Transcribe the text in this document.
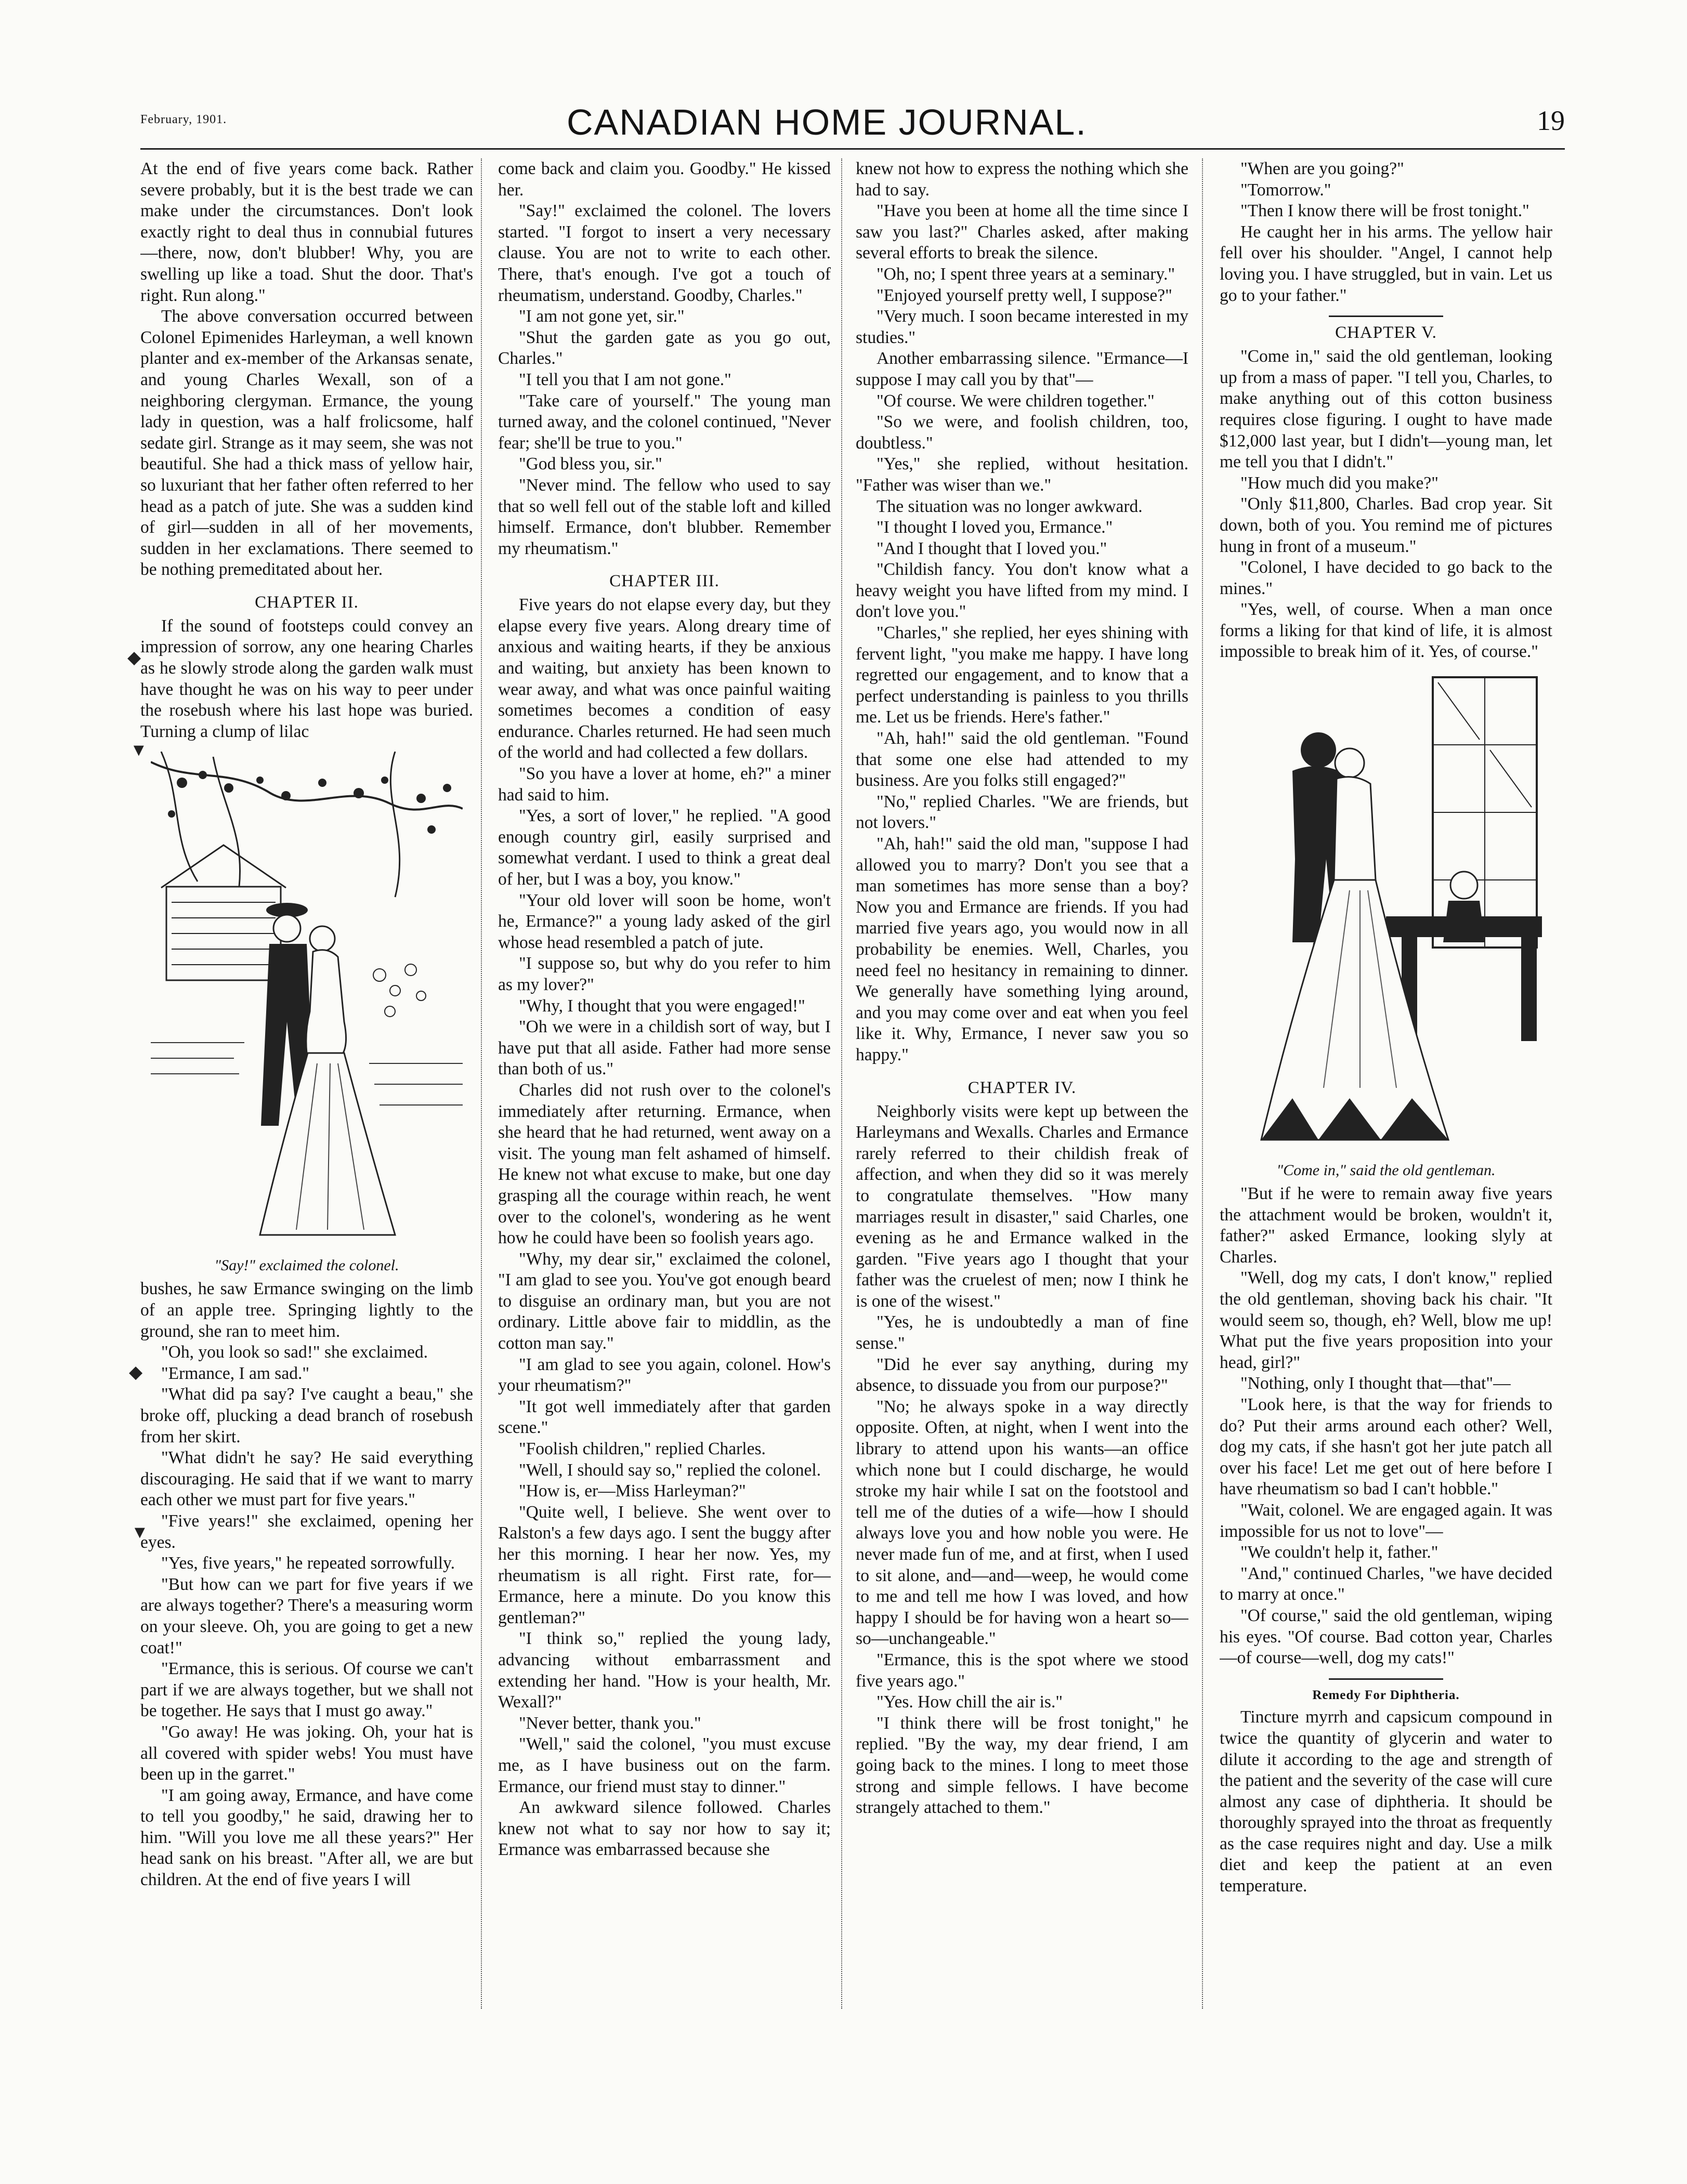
February, 1901.	CANADIAN HOME JOURNAL.	19
◆
▼
◆
▼

At the end of five years come back. Rather severe probably, but it is the best trade we can make under the circumstances. Don't look exactly right to deal thus in connubial futures—there, now, don't blubber! Why, you are swelling up like a toad. Shut the door. That's right. Run along."

The above conversation occurred between Colonel Epimenides Harleyman, a well known planter and ex-member of the Arkansas senate, and young Charles Wexall, son of a neighboring clergyman. Ermance, the young lady in question, was a half frolicsome, half sedate girl. Strange as it may seem, she was not beautiful. She had a thick mass of yellow hair, so luxuriant that her father often referred to her head as a patch of jute. She was a sudden kind of girl—sudden in all of her movements, sudden in her exclamations. There seemed to be nothing premeditated about her.

CHAPTER II.

If the sound of footsteps could convey an impression of sorrow, any one hearing Charles as he slowly strode along the garden walk must have thought he was on his way to peer under the rosebush where his last hope was buried. Turning a clump of lilac

"Say!" exclaimed the colonel.

bushes, he saw Ermance swinging on the limb of an apple tree. Springing lightly to the ground, she ran to meet him.

"Oh, you look so sad!" she exclaimed.

"Ermance, I am sad."

"What did pa say? I've caught a beau," she broke off, plucking a dead branch of rosebush from her skirt.

"What didn't he say? He said everything discouraging. He said that if we want to marry each other we must part for five years."

"Five years!" she exclaimed, opening her eyes.

"Yes, five years," he repeated sorrowfully.

"But how can we part for five years if we are always together? There's a measuring worm on your sleeve. Oh, you are going to get a new coat!"

"Ermance, this is serious. Of course we can't part if we are always together, but we shall not be together. He says that I must go away."

"Go away! He was joking. Oh, your hat is all covered with spider webs! You must have been up in the garret."

"I am going away, Ermance, and have come to tell you goodby," he said, drawing her to him. "Will you love me all these years?" Her head sank on his breast. "After all, we are but children. At the end of five years I will

come back and claim you. Goodby." He kissed her.

"Say!" exclaimed the colonel. The lovers started. "I forgot to insert a very necessary clause. You are not to write to each other. There, that's enough. I've got a touch of rheumatism, understand. Goodby, Charles."

"I am not gone yet, sir."

"Shut the garden gate as you go out, Charles."

"I tell you that I am not gone."

"Take care of yourself." The young man turned away, and the colonel continued, "Never fear; she'll be true to you."

"God bless you, sir."

"Never mind. The fellow who used to say that so well fell out of the stable loft and killed himself. Ermance, don't blubber. Remember my rheumatism."

CHAPTER III.

Five years do not elapse every day, but they elapse every five years. Along dreary time of anxious and waiting hearts, if they be anxious and waiting, but anxiety has been known to wear away, and what was once painful waiting sometimes becomes a condition of easy endurance. Charles returned. He had seen much of the world and had collected a few dollars.

"So you have a lover at home, eh?" a miner had said to him.

"Yes, a sort of lover," he replied. "A good enough country girl, easily surprised and somewhat verdant. I used to think a great deal of her, but I was a boy, you know."

"Your old lover will soon be home, won't he, Ermance?" a young lady asked of the girl whose head resembled a patch of jute.

"I suppose so, but why do you refer to him as my lover?"

"Why, I thought that you were engaged!"

"Oh we were in a childish sort of way, but I have put that all aside. Father had more sense than both of us."

Charles did not rush over to the colonel's immediately after returning. Ermance, when she heard that he had returned, went away on a visit. The young man felt ashamed of himself. He knew not what excuse to make, but one day grasping all the courage within reach, he went over to the colonel's, wondering as he went how he could have been so foolish years ago.

"Why, my dear sir," exclaimed the colonel, "I am glad to see you. You've got enough beard to disguise an ordinary man, but you are not ordinary. Little above fair to middlin, as the cotton man say."

"I am glad to see you again, colonel. How's your rheumatism?"

"It got well immediately after that garden scene."

"Foolish children," replied Charles.

"Well, I should say so," replied the colonel.

"How is, er—Miss Harleyman?"

"Quite well, I believe. She went over to Ralston's a few days ago. I sent the buggy after her this morning. I hear her now. Yes, my rheumatism is all right. First rate, for—Ermance, here a minute. Do you know this gentleman?"

"I think so," replied the young lady, advancing without embarrassment and extending her hand. "How is your health, Mr. Wexall?"

"Never better, thank you."

"Well," said the colonel, "you must excuse me, as I have business out on the farm. Ermance, our friend must stay to dinner."

An awkward silence followed. Charles knew not what to say nor how to say it; Ermance was embarrassed because she

knew not how to express the nothing which she had to say.

"Have you been at home all the time since I saw you last?" Charles asked, after making several efforts to break the silence.

"Oh, no; I spent three years at a seminary."

"Enjoyed yourself pretty well, I suppose?"

"Very much. I soon became interested in my studies."

Another embarrassing silence. "Ermance—I suppose I may call you by that"—

"Of course. We were children together."

"So we were, and foolish children, too, doubtless."

"Yes," she replied, without hesitation. "Father was wiser than we."

The situation was no longer awkward.

"I thought I loved you, Ermance."

"And I thought that I loved you."

"Childish fancy. You don't know what a heavy weight you have lifted from my mind. I don't love you."

"Charles," she replied, her eyes shining with fervent light, "you make me happy. I have long regretted our engagement, and to know that a perfect understanding is painless to you thrills me. Let us be friends. Here's father."

"Ah, hah!" said the old gentleman. "Found that some one else had attended to my business. Are you folks still engaged?"

"No," replied Charles. "We are friends, but not lovers."

"Ah, hah!" said the old man, "suppose I had allowed you to marry? Don't you see that a man sometimes has more sense than a boy? Now you and Ermance are friends. If you had married five years ago, you would now in all probability be enemies. Well, Charles, you need feel no hesitancy in remaining to dinner. We generally have something lying around, and you may come over and eat when you feel like it. Why, Ermance, I never saw you so happy."

CHAPTER IV.

Neighborly visits were kept up between the Harleymans and Wexalls. Charles and Ermance rarely referred to their childish freak of affection, and when they did so it was merely to congratulate themselves. "How many marriages result in disaster," said Charles, one evening as he and Ermance walked in the garden. "Five years ago I thought that your father was the cruelest of men; now I think he is one of the wisest."

"Yes, he is undoubtedly a man of fine sense."

"Did he ever say anything, during my absence, to dissuade you from our purpose?"

"No; he always spoke in a way directly opposite. Often, at night, when I went into the library to attend upon his wants—an office which none but I could discharge, he would stroke my hair while I sat on the footstool and tell me of the duties of a wife—how I should always love you and how noble you were. He never made fun of me, and at first, when I used to sit alone, and—and—weep, he would come to me and tell me how I was loved, and how happy I should be for having won a heart so—so—unchangeable."

"Ermance, this is the spot where we stood five years ago."

"Yes. How chill the air is."

"I think there will be frost tonight," he replied. "By the way, my dear friend, I am going back to the mines. I long to meet those strong and simple fellows. I have become strangely attached to them."

"When are you going?"

"Tomorrow."

"Then I know there will be frost tonight."

He caught her in his arms. The yellow hair fell over his shoulder. "Angel, I cannot help loving you. I have struggled, but in vain. Let us go to your father."

CHAPTER V.

"Come in," said the old gentleman, looking up from a mass of paper. "I tell you, Charles, to make anything out of this cotton business requires close figuring. I ought to have made $12,000 last year, but I didn't—young man, let me tell you that I didn't."

"How much did you make?"

"Only $11,800, Charles. Bad crop year. Sit down, both of you. You remind me of pictures hung in front of a museum."

"Colonel, I have decided to go back to the mines."

"Yes, well, of course. When a man once forms a liking for that kind of life, it is almost impossible to break him of it. Yes, of course."

"Come in," said the old gentleman.

"But if he were to remain away five years the attachment would be broken, wouldn't it, father?" asked Ermance, looking slyly at Charles.

"Well, dog my cats, I don't know," replied the old gentleman, shoving back his chair. "It would seem so, though, eh? Well, blow me up! What put the five years proposition into your head, girl?"

"Nothing, only I thought that—that"—

"Look here, is that the way for friends to do? Put their arms around each other? Well, dog my cats, if she hasn't got her jute patch all over his face! Let me get out of here before I have rheumatism so bad I can't hobble."

"Wait, colonel. We are engaged again. It was impossible for us not to love"—

"We couldn't help it, father."

"And," continued Charles, "we have decided to marry at once."

"Of course," said the old gentleman, wiping his eyes. "Of course. Bad cotton year, Charles—of course—well, dog my cats!"

Remedy For Diphtheria.

Tincture myrrh and capsicum compound in twice the quantity of glycerin and water to dilute it according to the age and strength of the patient and the severity of the case will cure almost any case of diphtheria. It should be thoroughly sprayed into the throat as frequently as the case requires night and day. Use a milk diet and keep the patient at an even temperature.
